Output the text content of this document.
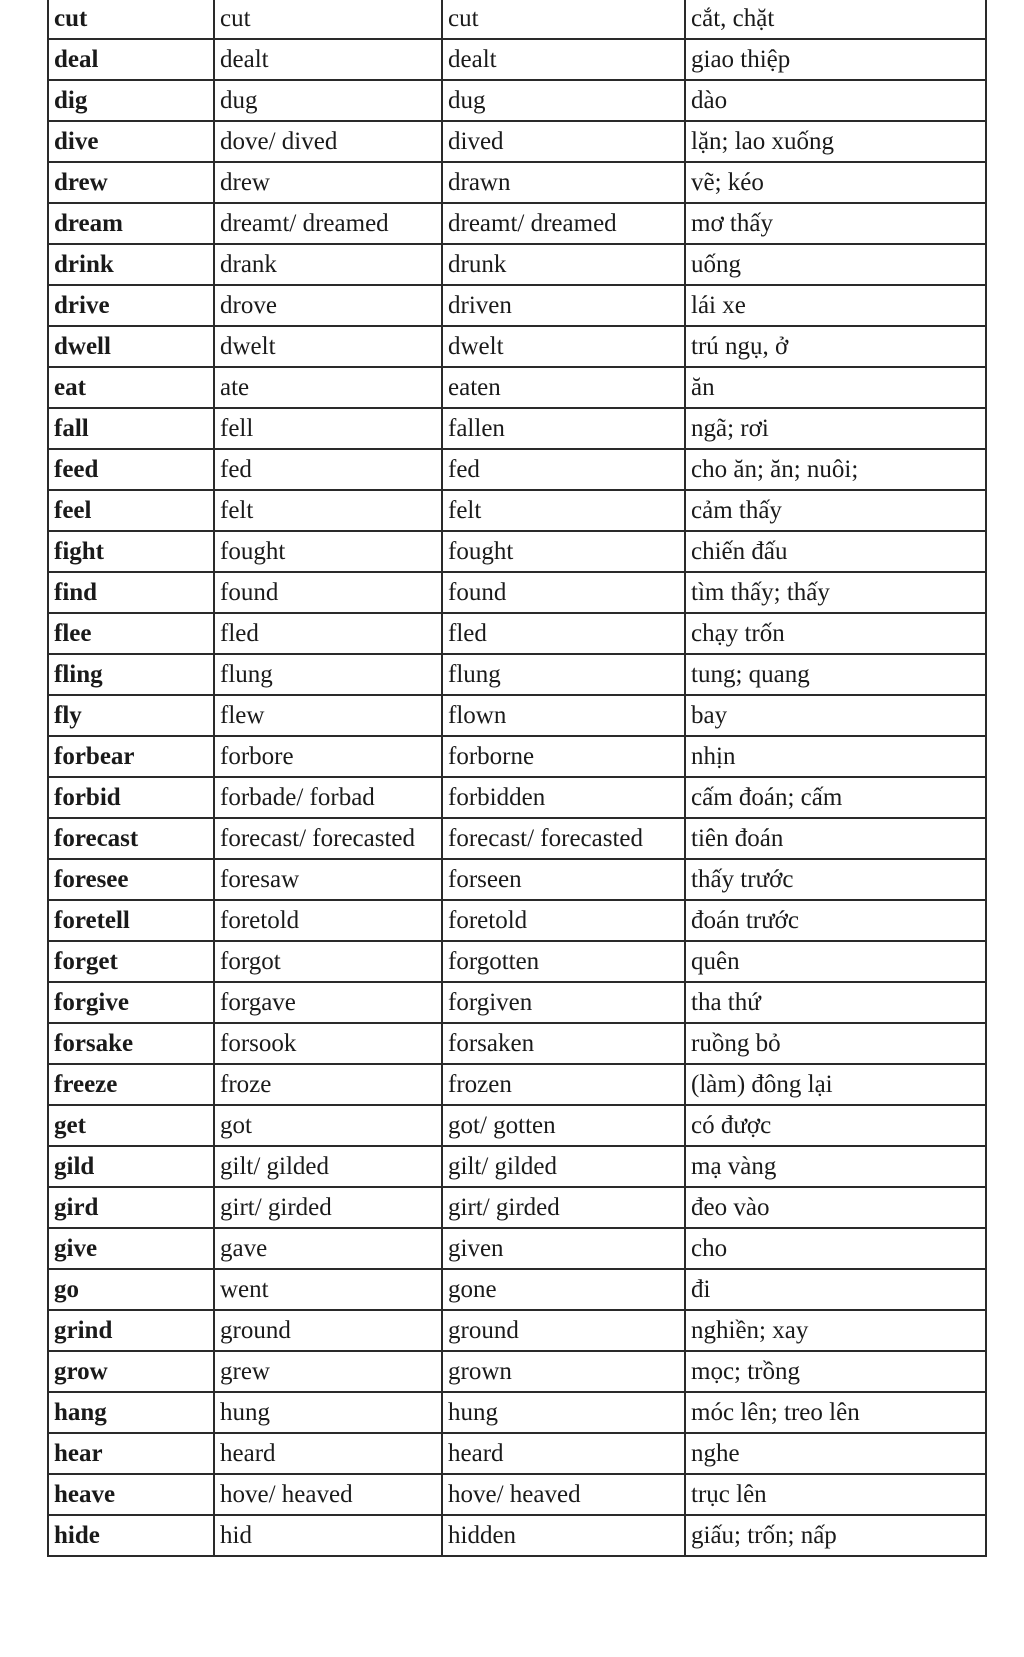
cut	cut	cut	cắt, chặt
deal	dealt	dealt	giao thiệp
dig	dug	dug	dào
dive	dove/ dived	dived	lặn; lao xuống
drew	drew	drawn	vẽ; kéo
dream	dreamt/ dreamed	dreamt/ dreamed	mơ thấy
drink	drank	drunk	uống
drive	drove	driven	lái xe
dwell	dwelt	dwelt	trú ngụ, ở
eat	ate	eaten	ăn
fall	fell	fallen	ngã; rơi
feed	fed	fed	cho ăn; ăn; nuôi;
feel	felt	felt	cảm thấy
fight	fought	fought	chiến đấu
find	found	found	tìm thấy; thấy
flee	fled	fled	chạy trốn
fling	flung	flung	tung; quang
fly	flew	flown	bay
forbear	forbore	forborne	nhịn
forbid	forbade/ forbad	forbidden	cấm đoán; cấm
forecast	forecast/ forecasted	forecast/ forecasted	tiên đoán
foresee	foresaw	forseen	thấy trước
foretell	foretold	foretold	đoán trước
forget	forgot	forgotten	quên
forgive	forgave	forgiven	tha thứ
forsake	forsook	forsaken	ruồng bỏ
freeze	froze	frozen	(làm) đông lại
get	got	got/ gotten	có được
gild	gilt/ gilded	gilt/ gilded	mạ vàng
gird	girt/ girded	girt/ girded	đeo vào
give	gave	given	cho
go	went	gone	đi
grind	ground	ground	nghiền; xay
grow	grew	grown	mọc; trồng
hang	hung	hung	móc lên; treo lên
hear	heard	heard	nghe
heave	hove/ heaved	hove/ heaved	trục lên
hide	hid	hidden	giấu; trốn; nấp
